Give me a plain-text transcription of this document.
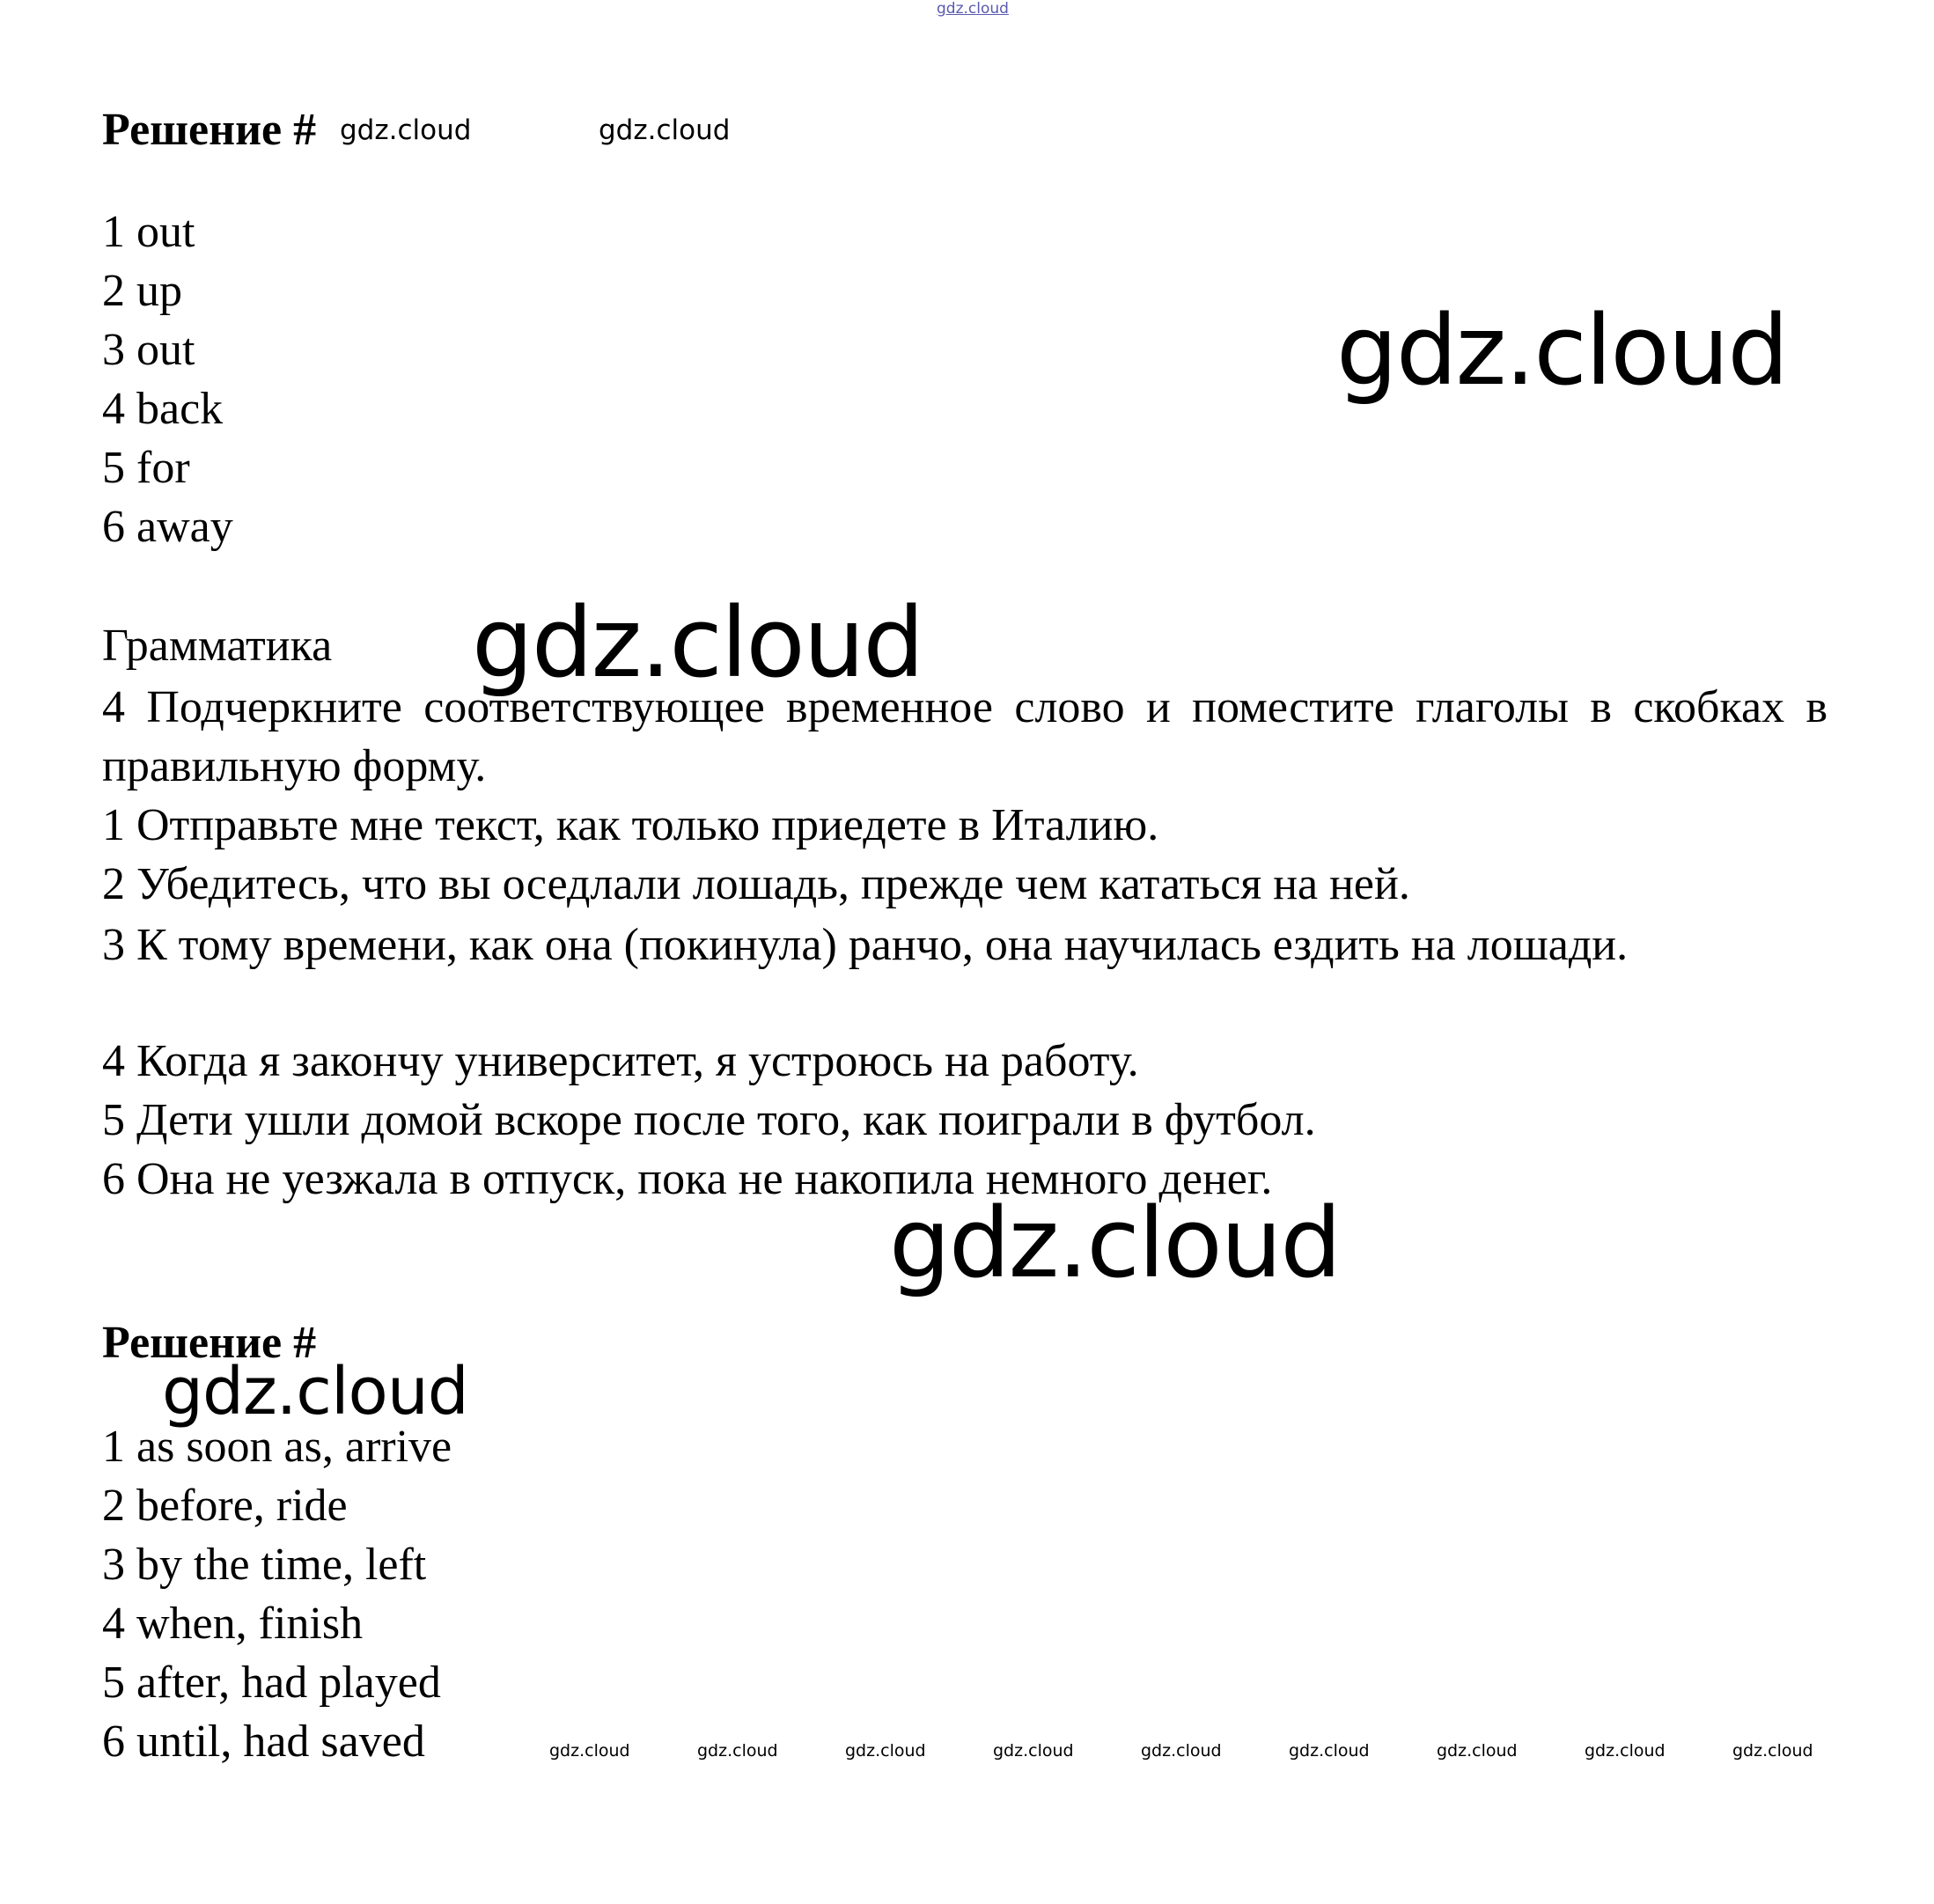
gdz.cloud
Решение # gdz.cloud	gdz.cloud
1 out
2 up
3 out
4 back
5 for
6 away
gdz.cloud
Грамматика
4 Подчеркните соответствующее временное слово и поместите глаголы в скобках в правильную форму.
1 Отправьте мне текст, как только приедете в Италию.
2 Убедитесь, что вы оседлали лошадь, прежде чем кататься на ней.
3 К тому времени, как она (покинула) ранчо, она научилась ездить на лошади.
4 Когда я закончу университет, я устроюсь на работу.
5 Дети ушли домой вскоре после того, как поиграли в футбол.
6 Она не уезжала в отпуск, пока не накопила немного денег.
gdz.cloud
gdz.cloud
Решение #
gdz.cloud
1 as soon as, arrive
2 before, ride
3 by the time, left
4 when, finish
5 after, had played
6 until, had saved	gdz.cloud	gdz.cloud	gdz.cloud	gdz.cloud	gdz.cloud	gdz.cloud	gdz.cloud	gdz.cloud	gdz.cloud
